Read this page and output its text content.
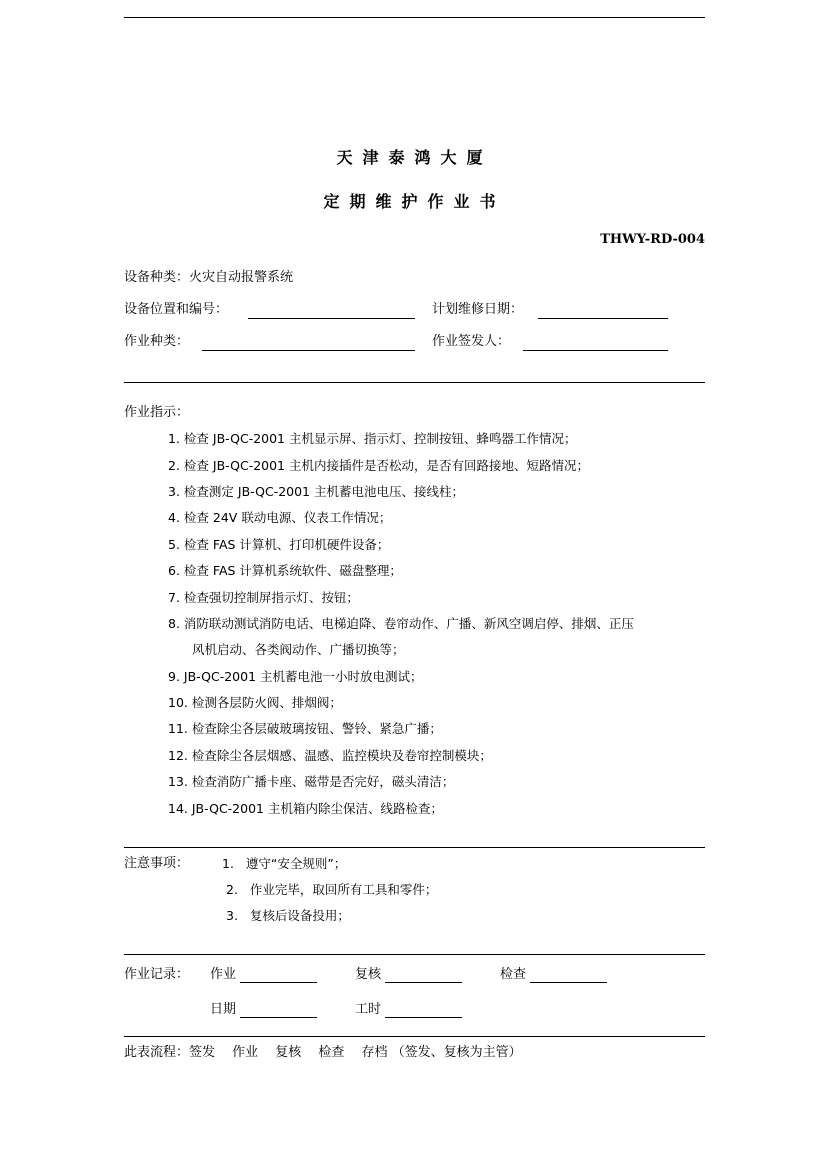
天津泰鸿大厦
定期维护作业书
THWY-RD-004
设备种类：火灾自动报警系统
设备位置和编号：	计划维修日期：
作业种类：	作业签发人：
作业指示：
1. 检查 JB-QC-2001 主机显示屏、指示灯、控制按钮、蜂鸣器工作情况；
2. 检查 JB-QC-2001 主机内接插件是否松动，是否有回路接地、短路情况；
3. 检查测定 JB-QC-2001 主机蓄电池电压、接线柱；
4. 检查 24V 联动电源、仪表工作情况；
5. 检查 FAS 计算机、打印机硬件设备；
6. 检查 FAS 计算机系统软件、磁盘整理；
7. 检查强切控制屏指示灯、按钮；
8. 消防联动测试消防电话、电梯迫降、卷帘动作、广播、新风空调启停、排烟、正压
风机启动、各类阀动作、广播切换等；
9. JB-QC-2001 主机蓄电池一小时放电测试；
10. 检测各层防火阀、排烟阀；
11. 检查除尘各层破玻璃按钮、警铃、紧急广播；
12. 检查除尘各层烟感、温感、监控模块及卷帘控制模块；
13. 检查消防广播卡座、磁带是否完好，磁头清洁；
14. JB-QC-2001 主机箱内除尘保洁、线路检查；
注意事项：	1. 遵守“安全规则”；
2. 作业完毕，取回所有工具和零件；
3. 复核后设备投用；
作业记录： 作业	复核	检查
日期	工时
此表流程：签发　 作业　 复核　 检查　 存档 （签发、复核为主管）
